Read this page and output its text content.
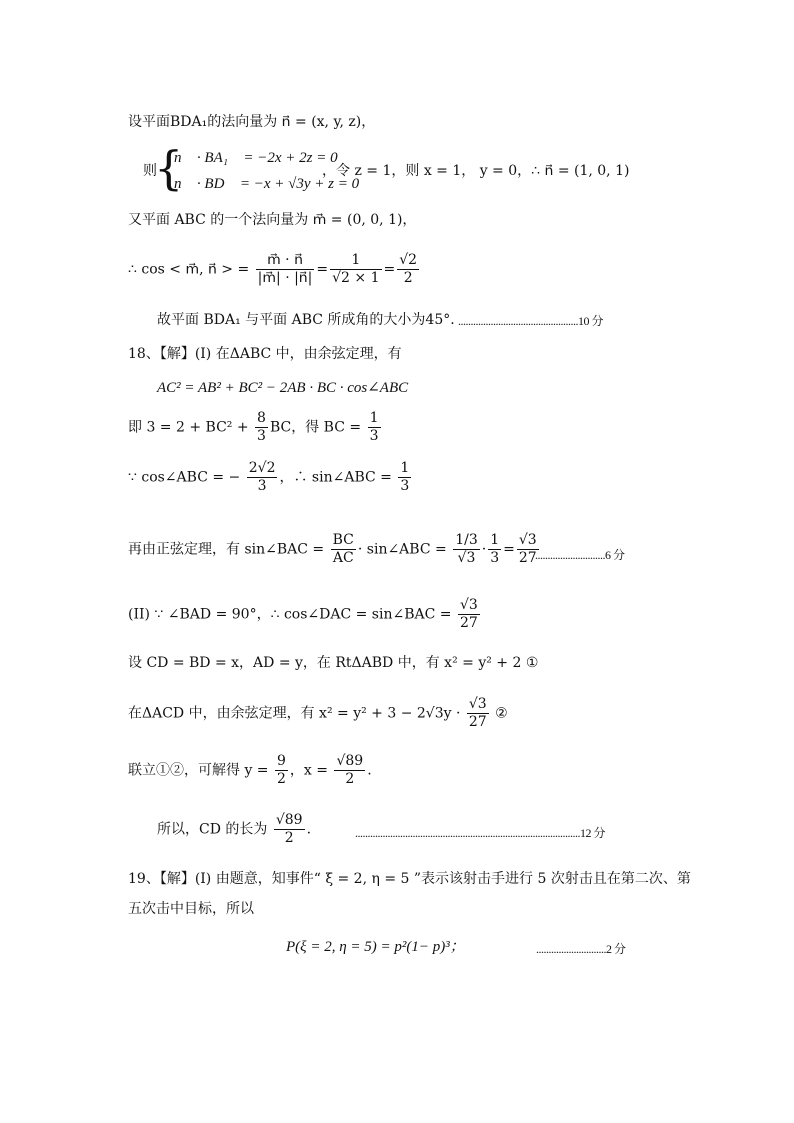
设平面BDA₁的法向量为 n⃗ = (x, y, z)，
则
{
n⃗ · BA₁⃗ = −2x + 2z = 0
n⃗ · BD⃗ = −x + √3y + z = 0
，令 z = 1，则 x = 1， y = 0，∴ n⃗ = (1, 0, 1)
又平面 ABC 的一个法向量为 m⃗ = (0, 0, 1)，
∴ cos < m⃗, n⃗ > = $\frac{m⃗ \cdot n⃗}{|m⃗| \cdot |n⃗|} = \frac{1}{√2 \times 1} = \frac{√2}{2}$
故平面 BDA₁ 与平面 ABC 所成角的大小为45°. ................................................10 分
18、【解】(I) 在ΔABC 中，由余弦定理，有
AC² = AB² + BC² − 2AB · BC · cos∠ABC
即 $3 = 2 + BC^2 + \frac{8}{3}$ BC，得 BC = $\frac{1}{3}$
∵ cos∠ABC = − $\frac{2√2}{3}$ ，∴ sin∠ABC = $\frac{1}{3}$
再由正弦定理，有 sin∠BAC = $\frac{BC}{AC}$ · sin∠ABC = $\frac{1/3}{√3} \cdot \frac{1}{3} = \frac{√3}{27}$
............................6 分
(II) ∵ ∠BAD = 90°，∴ cos∠DAC = sin∠BAC = $\frac{√3}{27}$
设 CD = BD = x，AD = y，在 RtΔABD 中，有 x² = y² + 2 ①
在ΔACD 中，由余弦定理，有 $x^2 = y^2 + 3 - 2√3y \cdot \frac{√3}{27}$ ②
联立①②，可解得 $y = \frac{9}{2}$ ，$x = \frac{√89}{2}$ .
所以，CD 的长为 $\frac{√89}{2}$ .	..........................................................................................12 分
19、【解】(I) 由题意，知事件“ ξ = 2, η = 5 ”表示该射击手进行 5 次射击且在第二次、第
五次击中目标，所以
P(ξ = 2, η = 5) = p²(1− p)³；	............................2 分
